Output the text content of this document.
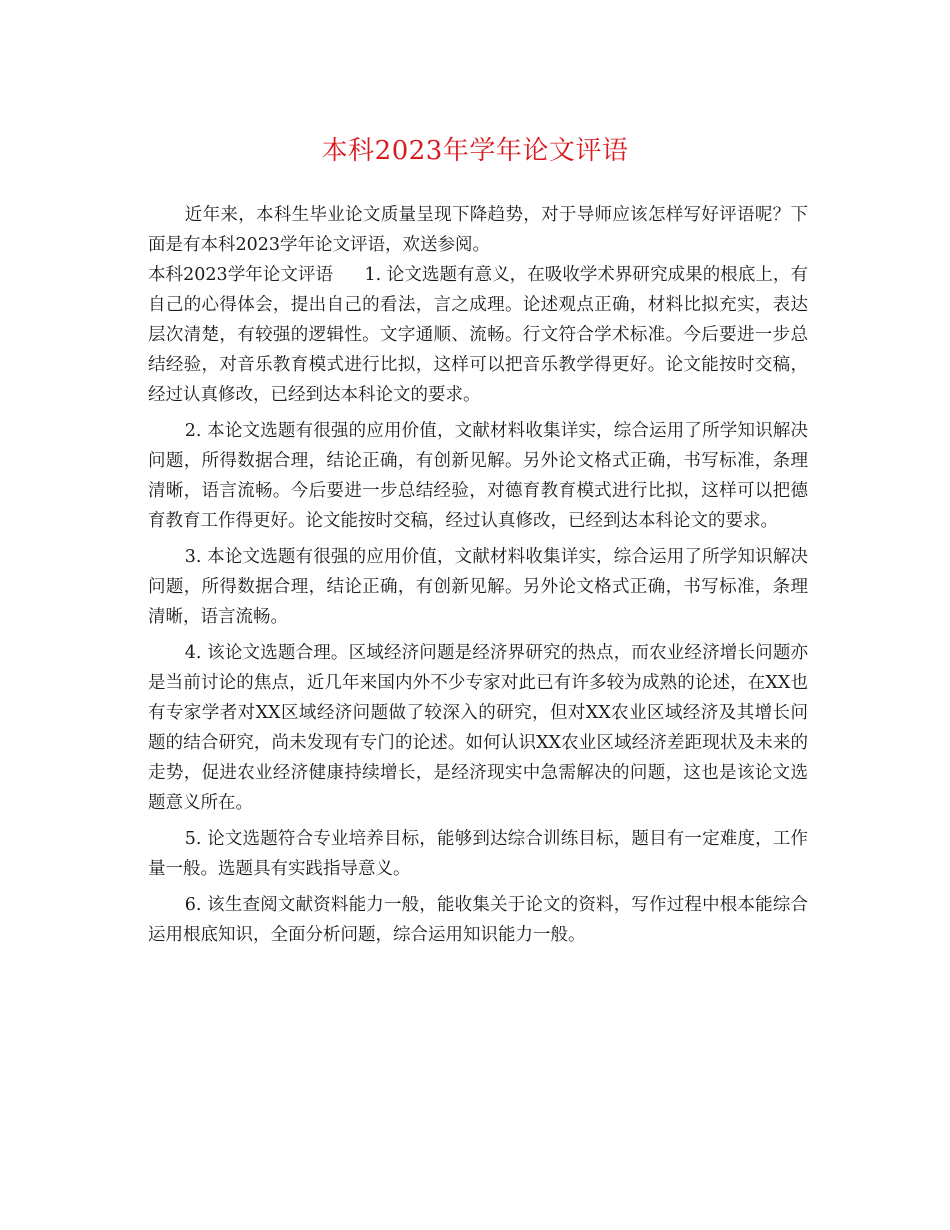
本科2023年学年论文评语

近年来，本科生毕业论文质量呈现下降趋势，对于导师应该怎样写好评语呢？下面是有本科2023学年论文评语，欢送参阅。

本科2023学年论文评语 1. 论文选题有意义，在吸收学术界研究成果的根底上，有自己的心得体会，提出自己的看法，言之成理。论述观点正确，材料比拟充实，表达层次清楚，有较强的逻辑性。文字通顺、流畅。行文符合学术标准。今后要进一步总结经验，对音乐教育模式进行比拟，这样可以把音乐教学得更好。论文能按时交稿，经过认真修改，已经到达本科论文的要求。

2. 本论文选题有很强的应用价值，文献材料收集详实，综合运用了所学知识解决问题，所得数据合理，结论正确，有创新见解。另外论文格式正确，书写标准，条理清晰，语言流畅。今后要进一步总结经验，对德育教育模式进行比拟，这样可以把德育教育工作得更好。论文能按时交稿，经过认真修改，已经到达本科论文的要求。

3. 本论文选题有很强的应用价值，文献材料收集详实，综合运用了所学知识解决问题，所得数据合理，结论正确，有创新见解。另外论文格式正确，书写标准，条理清晰，语言流畅。

4. 该论文选题合理。区域经济问题是经济界研究的热点，而农业经济增长问题亦是当前讨论的焦点，近几年来国内外不少专家对此已有许多较为成熟的论述，在XX也有专家学者对XX区域经济问题做了较深入的研究，但对XX农业区域经济及其增长问题的结合研究，尚未发现有专门的论述。如何认识XX农业区域经济差距现状及未来的走势，促进农业经济健康持续增长，是经济现实中急需解决的问题，这也是该论文选题意义所在。

5. 论文选题符合专业培养目标，能够到达综合训练目标，题目有一定难度，工作量一般。选题具有实践指导意义。

6. 该生查阅文献资料能力一般，能收集关于论文的资料，写作过程中根本能综合运用根底知识，全面分析问题，综合运用知识能力一般。
